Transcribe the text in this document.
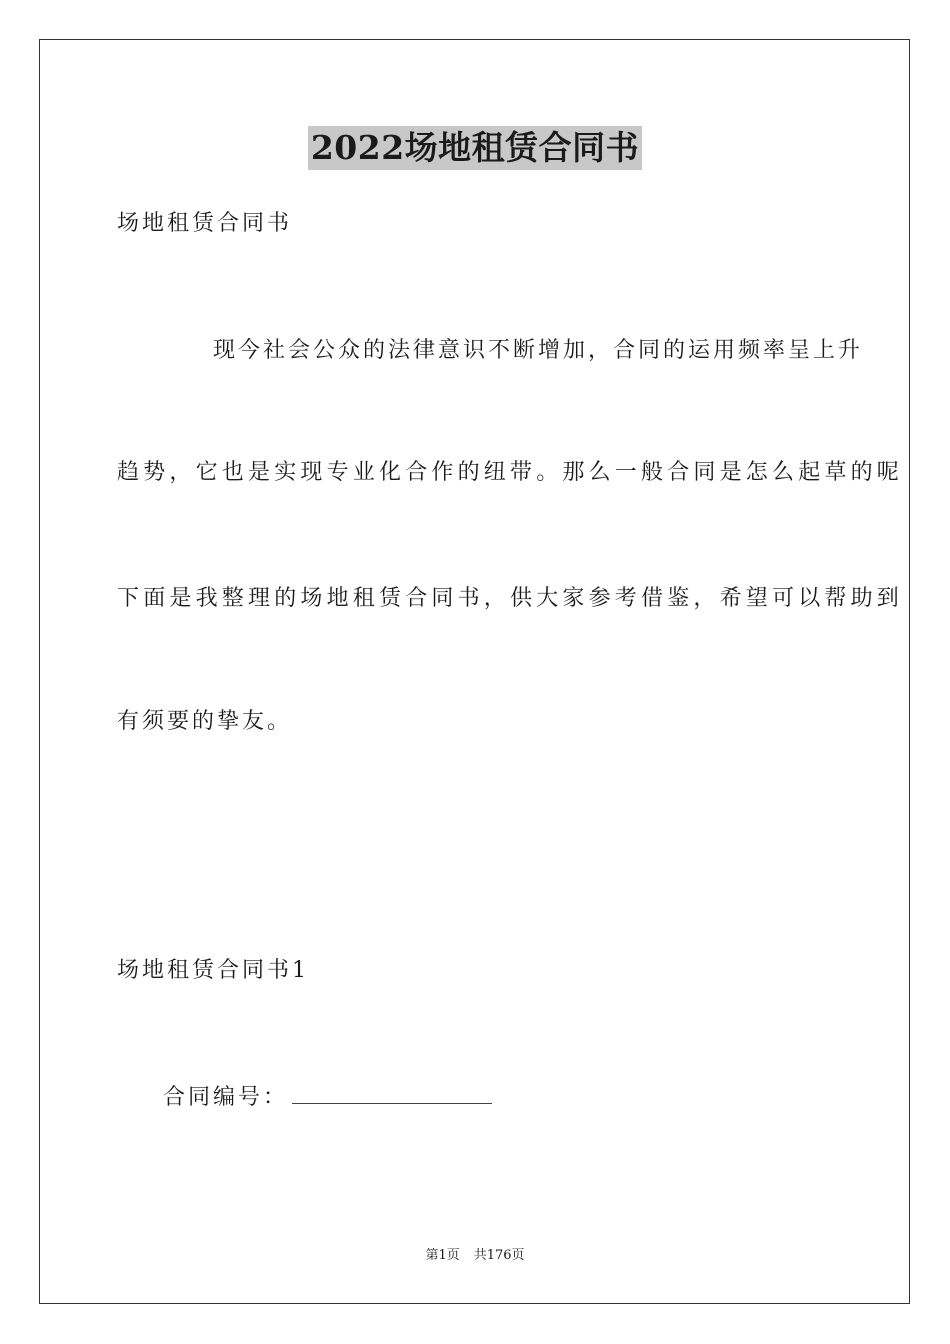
2022场地租赁合同书
场地租赁合同书
现今社会公众的法律意识不断增加，合同的运用频率呈上升
趋势，它也是实现专业化合作的纽带。那么一般合同是怎么起草的呢
下面是我整理的场地租赁合同书，供大家参考借鉴，希望可以帮助到
有须要的挚友。
场地租赁合同书1
合同编号：
第1页 共176页
